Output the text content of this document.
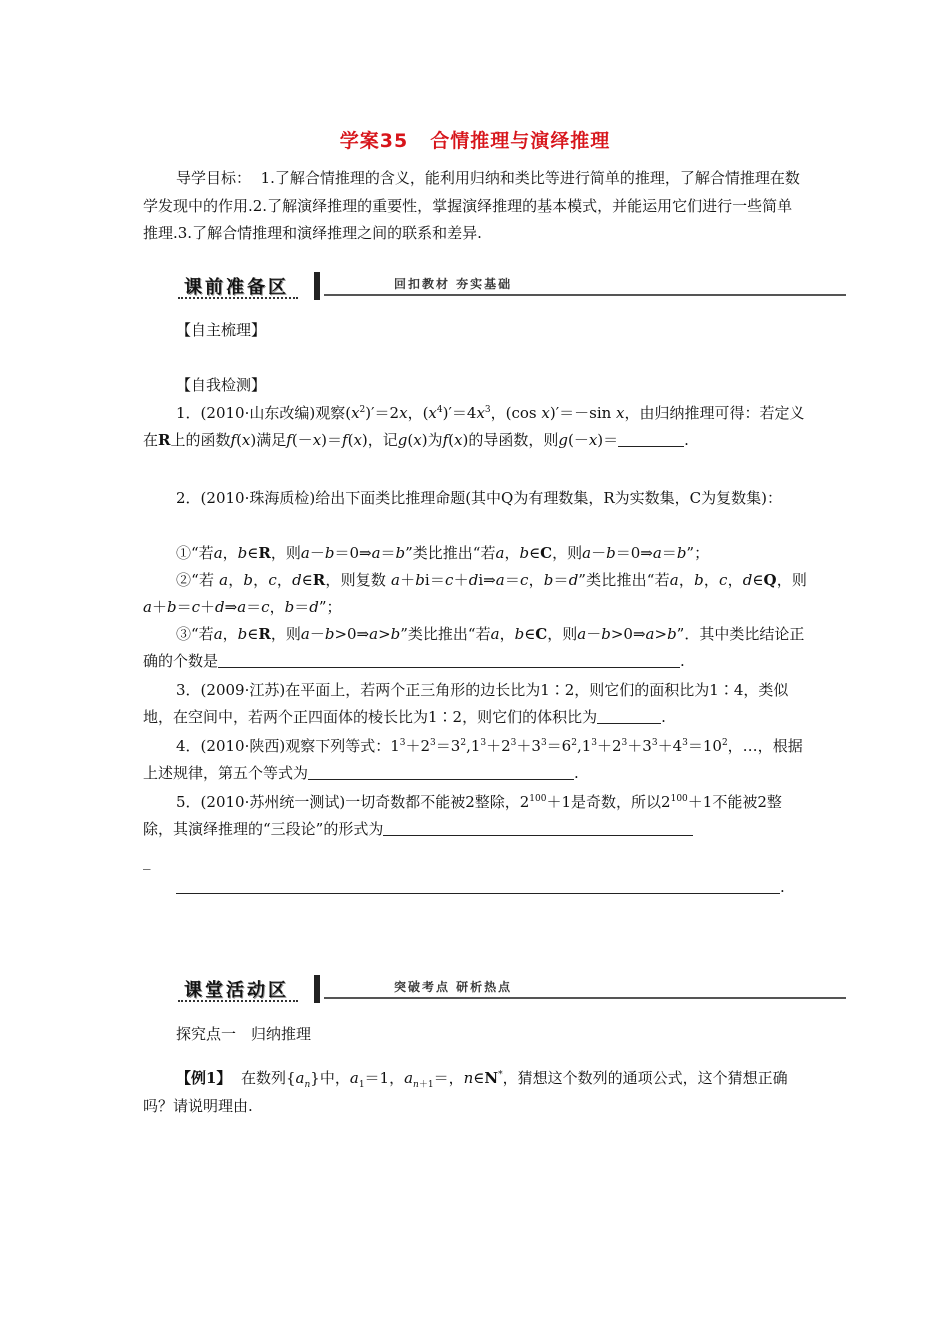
学案35 合情推理与演绎推理
导学目标： 1.了解合情推理的含义，能利用归纳和类比等进行简单的推理，了解合情推理在数学发现中的作用.2.了解演绎推理的重要性，掌握演绎推理的基本模式，并能运用它们进行一些简单推理.3.了解合情推理和演绎推理之间的联系和差异.
课前准备区	回扣教材 夯实基础
【自主梳理】
【自我检测】
1．(2010·山东改编)观察$(x^2)'=2x$，$(x^4)'=4x^3$，(cos x)′＝－sin x，由归纳推理可得：若定义在R上的函数f(x)满足f(－x)＝f(x)，记g(x)为f(x)的导函数，则g(－x)＝	.
2．(2010·珠海质检)给出下面类比推理命题(其中Q为有理数集，R为实数集，C为复数集)：
①“若a，b∈R，则a－b＝0⇒a＝b”类比推出“若a，b∈C，则a－b＝0⇒a＝b”；
②“若 a，b，c，d∈R，则复数 a＋bi＝c＋di⇒a＝c，b＝d”类比推出“若a，b，c，d∈Q，则a＋b＝c＋d⇒a＝c，b＝d”；
③“若a，b∈R，则a－b>0⇒a>b”类比推出“若a，b∈C，则a－b>0⇒a>b”．其中类比结论正确的个数是	.
3．(2009·江苏)在平面上，若两个正三角形的边长比为1∶2，则它们的面积比为1∶4，类似地，在空间中，若两个正四面体的棱长比为1∶2，则它们的体积比为	.
4．(2010·陕西)观察下列等式：$1^3+2^3=3^2,1^3+2^3+3^3=6^2,1^3+2^3+3^3+4^3=10^2$，…，根据上述规律，第五个等式为	.
5．(2010·苏州统一测试)一切奇数都不能被2整除，$2^{100}+1$是奇数，所以$2^{100}+1$不能被2整除，其演绎推理的“三段论”的形式为
_
.
课堂活动区	突破考点 研析热点
探究点一　归纳推理
【例1】 在数列$\{a_n\}$中，$a_1=1$，$a_{n+1}=$，n∈N*，猜想这个数列的通项公式，这个猜想正确吗？请说明理由.
